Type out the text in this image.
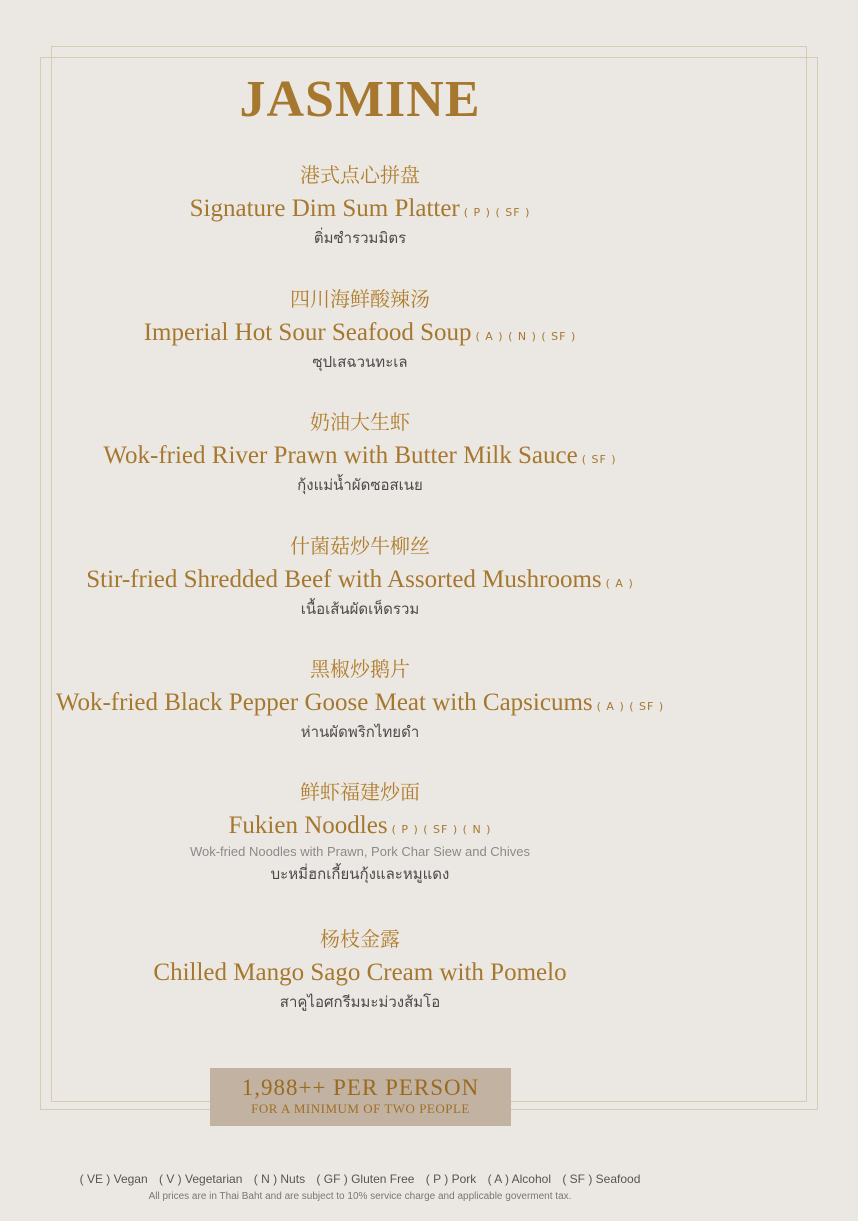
JASMINE
港式点心拼盘
Signature Dim Sum Platter ( P ) ( SF )
ติ่มซำรวมมิตร
四川海鲜酸辣汤
Imperial Hot Sour Seafood Soup ( A ) ( N ) ( SF )
ซุปเสฉวนทะเล
奶油大生虾
Wok-fried River Prawn with Butter Milk Sauce ( SF )
กุ้งแม่น้ำผัดซอสเนย
什菌菇炒牛柳丝
Stir-fried Shredded Beef with Assorted Mushrooms ( A )
เนื้อเส้นผัดเห็ดรวม
黑椒炒鹅片
Wok-fried Black Pepper Goose Meat with Capsicums ( A ) ( SF )
ห่านผัดพริกไทยดำ
鲜虾福建炒面
Fukien Noodles ( P ) ( SF ) ( N )
Wok-fried Noodles with Prawn, Pork Char Siew and Chives
บะหมี่ฮกเกี้ยนกุ้งและหมูแดง
杨枝金露
Chilled Mango Sago Cream with Pomelo
สาคูไอศกรีมมะม่วงส้มโอ
1,988++ PER PERSON
FOR A MINIMUM OF TWO PEOPLE
( VE ) Vegan ( V ) Vegetarian ( N ) Nuts ( GF ) Gluten Free ( P ) Pork ( A ) Alcohol ( SF ) Seafood
All prices are in Thai Baht and are subject to 10% service charge and applicable goverment tax.
